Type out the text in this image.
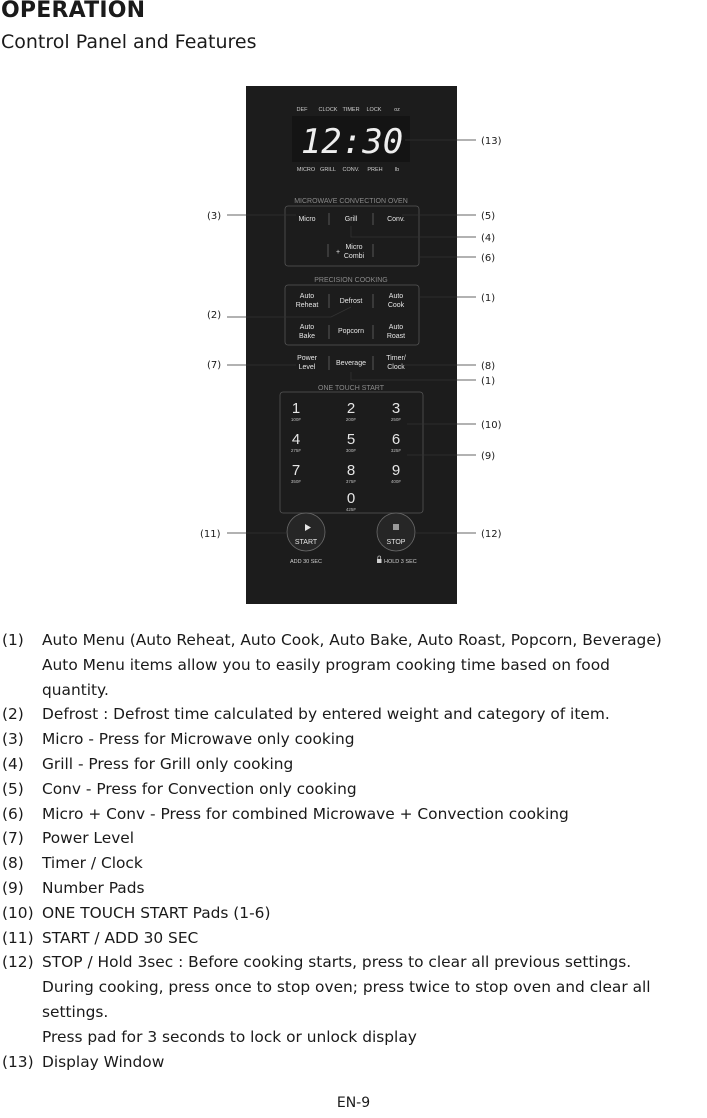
OPERATION
Control Panel and Features
DEF CLOCK TIMER LOCK oz
12:30
MICRO GRILL CONV. PREH lb
MICROWAVE CONVECTION OVEN
Micro	Grill	Conv.
+
Micro
Combi
PRECISION COOKING
Auto
Reheat
Defrost
Auto
Cook
Auto
Bake
Popcorn
Auto
Roast
Power
Level
Beverage
Timer/
Clock
ONE TOUCH START
1
100F
2
200F
3
250F
4
275F
5
300F
6
325F
7
350F
8
375F
9
400F
0
425F
START	STOP
ADD 30 SEC	HOLD 3 SEC
(13)
(3)	(5)
(4)
(6)
(2)
(1)
(7)	(8)
(1)
(10)
(9)
(11)	(12)
(1)	Auto Menu (Auto Reheat, Auto Cook, Auto Bake, Auto Roast, Popcorn, Beverage)
Auto Menu items allow you to easily program cooking time based on food
quantity.
(2)	Defrost : Defrost time calculated by entered weight and category of item.
(3)	Micro - Press for Microwave only cooking
(4)	Grill - Press for Grill only cooking
(5)	Conv - Press for Convection only cooking
(6)	Micro + Conv - Press for combined Microwave + Convection cooking
(7)	Power Level
(8)	Timer / Clock
(9)	Number Pads
(10) ONE TOUCH START Pads (1-6)
(11) START / ADD 30 SEC
(12) STOP / Hold 3sec : Before cooking starts, press to clear all previous settings.
During cooking, press once to stop oven; press twice to stop oven and clear all
settings.
Press pad for 3 seconds to lock or unlock display
(13) Display Window
EN-9
